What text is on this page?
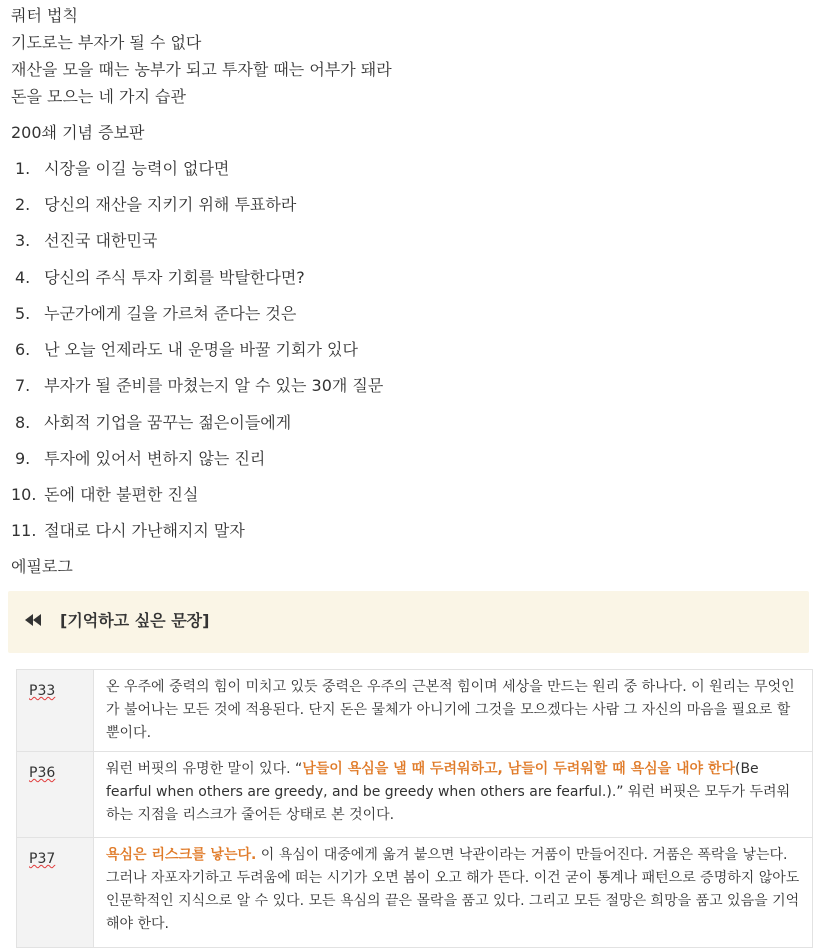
쿼터 법칙
기도로는 부자가 될 수 없다
재산을 모을 때는 농부가 되고 투자할 때는 어부가 돼라
돈을 모으는 네 가지 습관
200쇄 기념 증보판
1. 시장을 이길 능력이 없다면
2. 당신의 재산을 지키기 위해 투표하라
3. 선진국 대한민국
4. 당신의 주식 투자 기회를 박탈한다면?
5. 누군가에게 길을 가르쳐 준다는 것은
6. 난 오늘 언제라도 내 운명을 바꿀 기회가 있다
7. 부자가 될 준비를 마쳤는지 알 수 있는 30개 질문
8. 사회적 기업을 꿈꾸는 젊은이들에게
9. 투자에 있어서 변하지 않는 진리
10. 돈에 대한 불편한 진실
11. 절대로 다시 가난해지지 말자
에필로그
[기억하고 싶은 문장]
P33	온 우주에 중력의 힘이 미치고 있듯 중력은 우주의 근본적 힘이며 세상을 만드는 원리 중 하나다. 이 원리는 무엇인가 불어나는 모든 것에 적용된다. 단지 돈은 물체가 아니기에 그것을 모으겠다는 사람 그 자신의 마음을 필요로 할 뿐이다.
P36	워런 버핏의 유명한 말이 있다. “남들이 욕심을 낼 때 두려워하고, 남들이 두려워할 때 욕심을 내야 한다(Be fearful when others are greedy, and be greedy when others are fearful.).” 워런 버핏은 모두가 두려워하는 지점을 리스크가 줄어든 상태로 본 것이다.
P37	욕심은 리스크를 낳는다. 이 욕심이 대중에게 옮겨 붙으면 낙관이라는 거품이 만들어진다. 거품은 폭락을 낳는다. 그러나 자포자기하고 두려움에 떠는 시기가 오면 봄이 오고 해가 뜬다. 이건 굳이 통계나 패턴으로 증명하지 않아도 인문학적인 지식으로 알 수 있다. 모든 욕심의 끝은 몰락을 품고 있다. 그리고 모든 절망은 희망을 품고 있음을 기억해야 한다.
